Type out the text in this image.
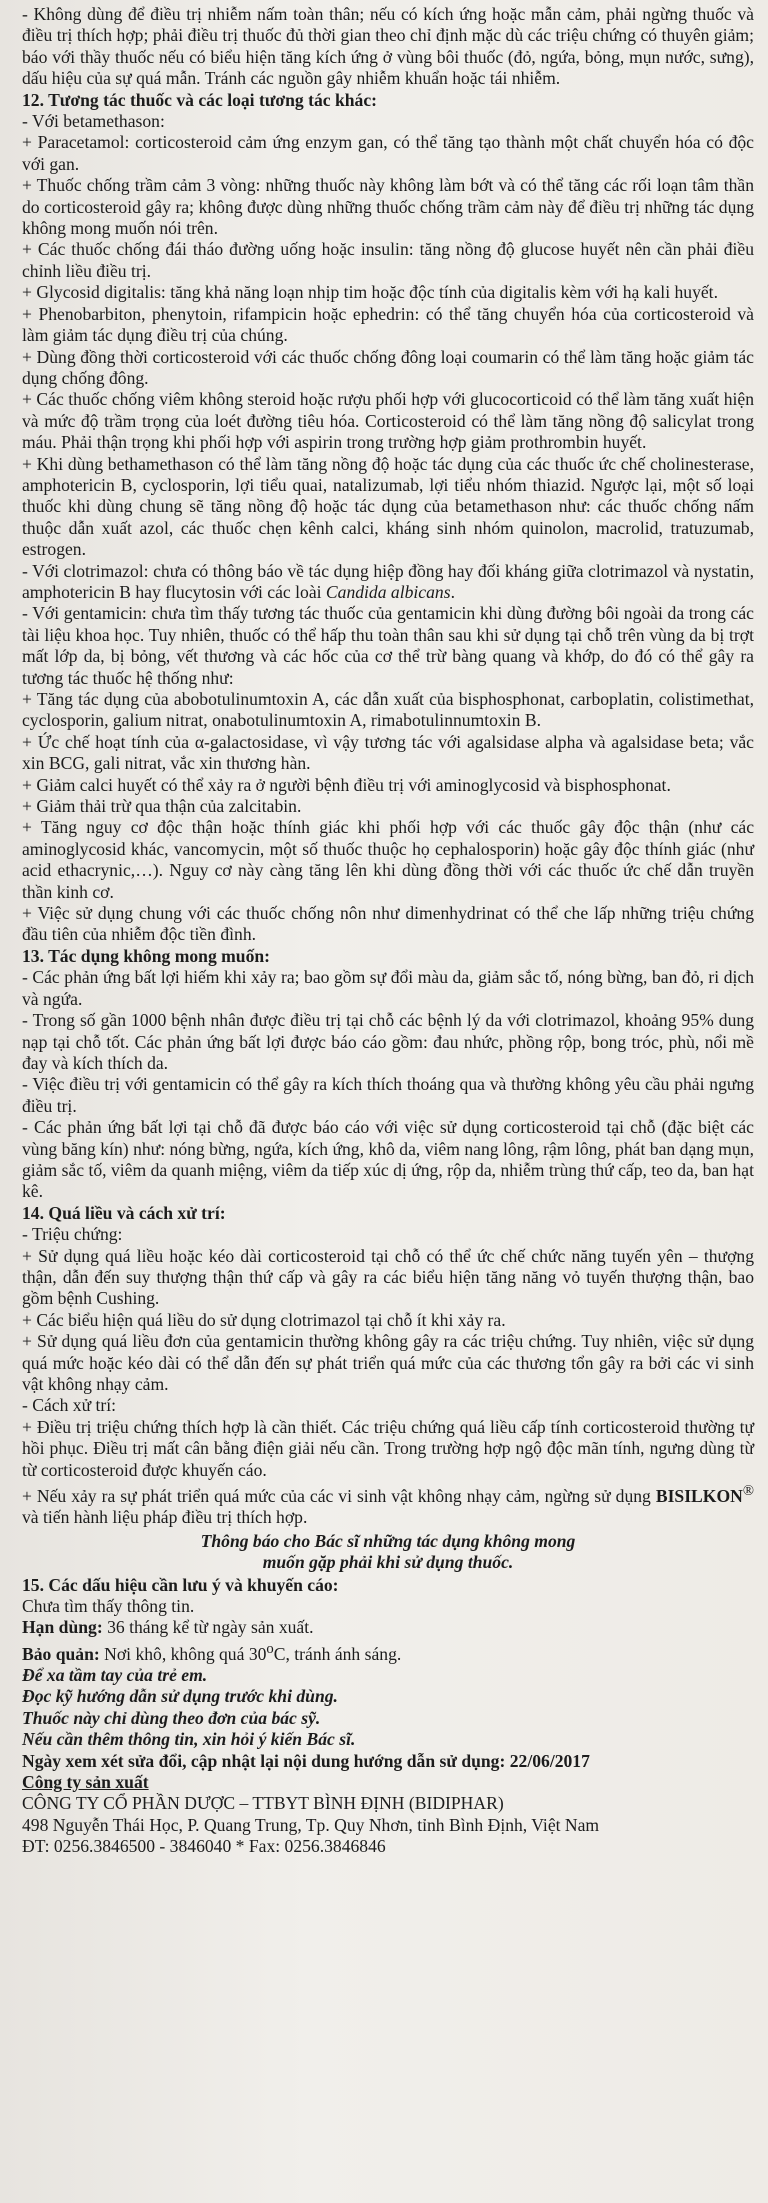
- Không dùng để điều trị nhiễm nấm toàn thân; nếu có kích ứng hoặc mẫn cảm, phải ngừng thuốc và điều trị thích hợp; phải điều trị thuốc đủ thời gian theo chỉ định mặc dù các triệu chứng có thuyên giảm; báo với thầy thuốc nếu có biểu hiện tăng kích ứng ở vùng bôi thuốc (đỏ, ngứa, bỏng, mụn nước, sưng), dấu hiệu của sự quá mẫn. Tránh các nguồn gây nhiễm khuẩn hoặc tái nhiễm.

12. Tương tác thuốc và các loại tương tác khác:

- Với betamethason:

+ Paracetamol: corticosteroid cảm ứng enzym gan, có thể tăng tạo thành một chất chuyển hóa có độc với gan.

+ Thuốc chống trầm cảm 3 vòng: những thuốc này không làm bớt và có thể tăng các rối loạn tâm thần do corticosteroid gây ra; không được dùng những thuốc chống trầm cảm này để điều trị những tác dụng không mong muốn nói trên.

+ Các thuốc chống đái tháo đường uống hoặc insulin: tăng nồng độ glucose huyết nên cần phải điều chỉnh liều điều trị.

+ Glycosid digitalis: tăng khả năng loạn nhịp tim hoặc độc tính của digitalis kèm với hạ kali huyết.

+ Phenobarbiton, phenytoin, rifampicin hoặc ephedrin: có thể tăng chuyển hóa của corticosteroid và làm giảm tác dụng điều trị của chúng.

+ Dùng đồng thời corticosteroid với các thuốc chống đông loại coumarin có thể làm tăng hoặc giảm tác dụng chống đông.

+ Các thuốc chống viêm không steroid hoặc rượu phối hợp với glucocorticoid có thể làm tăng xuất hiện và mức độ trầm trọng của loét đường tiêu hóa. Corticosteroid có thể làm tăng nồng độ salicylat trong máu. Phải thận trọng khi phối hợp với aspirin trong trường hợp giảm prothrombin huyết.

+ Khi dùng bethamethason có thể làm tăng nồng độ hoặc tác dụng của các thuốc ức chế cholinesterase, amphotericin B, cyclosporin, lợi tiểu quai, natalizumab, lợi tiểu nhóm thiazid. Ngược lại, một số loại thuốc khi dùng chung sẽ tăng nồng độ hoặc tác dụng của betamethason như: các thuốc chống nấm thuộc dẫn xuất azol, các thuốc chẹn kênh calci, kháng sinh nhóm quinolon, macrolid, tratuzumab, estrogen.

- Với clotrimazol: chưa có thông báo về tác dụng hiệp đồng hay đối kháng giữa clotrimazol và nystatin, amphotericin B hay flucytosin với các loài Candida albicans.

- Với gentamicin: chưa tìm thấy tương tác thuốc của gentamicin khi dùng đường bôi ngoài da trong các tài liệu khoa học. Tuy nhiên, thuốc có thể hấp thu toàn thân sau khi sử dụng tại chỗ trên vùng da bị trợt mất lớp da, bị bỏng, vết thương và các hốc của cơ thể trừ bàng quang và khớp, do đó có thể gây ra tương tác thuốc hệ thống như:

+ Tăng tác dụng của abobotulinumtoxin A, các dẫn xuất của bisphosphonat, carboplatin, colistimethat, cyclosporin, galium nitrat, onabotulinumtoxin A, rimabotulinnumtoxin B.

+ Ức chế hoạt tính của α-galactosidase, vì vậy tương tác với agalsidase alpha và agalsidase beta; vắc xin BCG, gali nitrat, vắc xin thương hàn.

+ Giảm calci huyết có thể xảy ra ở người bệnh điều trị với aminoglycosid và bisphosphonat.

+ Giảm thải trừ qua thận của zalcitabin.

+ Tăng nguy cơ độc thận hoặc thính giác khi phối hợp với các thuốc gây độc thận (như các aminoglycosid khác, vancomycin, một số thuốc thuộc họ cephalosporin) hoặc gây độc thính giác (như acid ethacrynic,…). Nguy cơ này càng tăng lên khi dùng đồng thời với các thuốc ức chế dẫn truyền thần kinh cơ.

+ Việc sử dụng chung với các thuốc chống nôn như dimenhydrinat có thể che lấp những triệu chứng đầu tiên của nhiễm độc tiền đình.

13. Tác dụng không mong muốn:

- Các phản ứng bất lợi hiếm khi xảy ra; bao gồm sự đổi màu da, giảm sắc tố, nóng bừng, ban đỏ, ri dịch và ngứa.

- Trong số gần 1000 bệnh nhân được điều trị tại chỗ các bệnh lý da với clotrimazol, khoảng 95% dung nạp tại chỗ tốt. Các phản ứng bất lợi được báo cáo gồm: đau nhức, phồng rộp, bong tróc, phù, nổi mề đay và kích thích da.

- Việc điều trị với gentamicin có thể gây ra kích thích thoáng qua và thường không yêu cầu phải ngưng điều trị.

- Các phản ứng bất lợi tại chỗ đã được báo cáo với việc sử dụng corticosteroid tại chỗ (đặc biệt các vùng băng kín) như: nóng bừng, ngứa, kích ứng, khô da, viêm nang lông, rậm lông, phát ban dạng mụn, giảm sắc tố, viêm da quanh miệng, viêm da tiếp xúc dị ứng, rộp da, nhiễm trùng thứ cấp, teo da, ban hạt kê.

14. Quá liều và cách xử trí:

- Triệu chứng:

+ Sử dụng quá liều hoặc kéo dài corticosteroid tại chỗ có thể ức chế chức năng tuyến yên – thượng thận, dẫn đến suy thượng thận thứ cấp và gây ra các biểu hiện tăng năng vỏ tuyến thượng thận, bao gồm bệnh Cushing.

+ Các biểu hiện quá liều do sử dụng clotrimazol tại chỗ ít khi xảy ra.

+ Sử dụng quá liều đơn của gentamicin thường không gây ra các triệu chứng. Tuy nhiên, việc sử dụng quá mức hoặc kéo dài có thể dẫn đến sự phát triển quá mức của các thương tổn gây ra bởi các vi sinh vật không nhạy cảm.

- Cách xử trí:

+ Điều trị triệu chứng thích hợp là cần thiết. Các triệu chứng quá liều cấp tính corticosteroid thường tự hồi phục. Điều trị mất cân bằng điện giải nếu cần. Trong trường hợp ngộ độc mãn tính, ngưng dùng từ từ corticosteroid được khuyến cáo.

+ Nếu xảy ra sự phát triển quá mức của các vi sinh vật không nhạy cảm, ngừng sử dụng BISILKON® và tiến hành liệu pháp điều trị thích hợp.

Thông báo cho Bác sĩ những tác dụng không mong
muốn gặp phải khi sử dụng thuốc.

15. Các dấu hiệu cần lưu ý và khuyến cáo:

Chưa tìm thấy thông tin.

Hạn dùng: 36 tháng kể từ ngày sản xuất.

Bảo quản: Nơi khô, không quá 30$^o$C, tránh ánh sáng.

Để xa tầm tay của trẻ em.

Đọc kỹ hướng dẫn sử dụng trước khi dùng.

Thuốc này chỉ dùng theo đơn của bác sỹ.

Nếu cần thêm thông tin, xin hỏi ý kiến Bác sĩ.

Ngày xem xét sửa đổi, cập nhật lại nội dung hướng dẫn sử dụng: 22/06/2017

Công ty sản xuất

CÔNG TY CỔ PHẦN DƯỢC – TTBYT BÌNH ĐỊNH (BIDIPHAR)

498 Nguyễn Thái Học, P. Quang Trung, Tp. Quy Nhơn, tỉnh Bình Định, Việt Nam

ĐT: 0256.3846500 - 3846040 * Fax: 0256.3846846
